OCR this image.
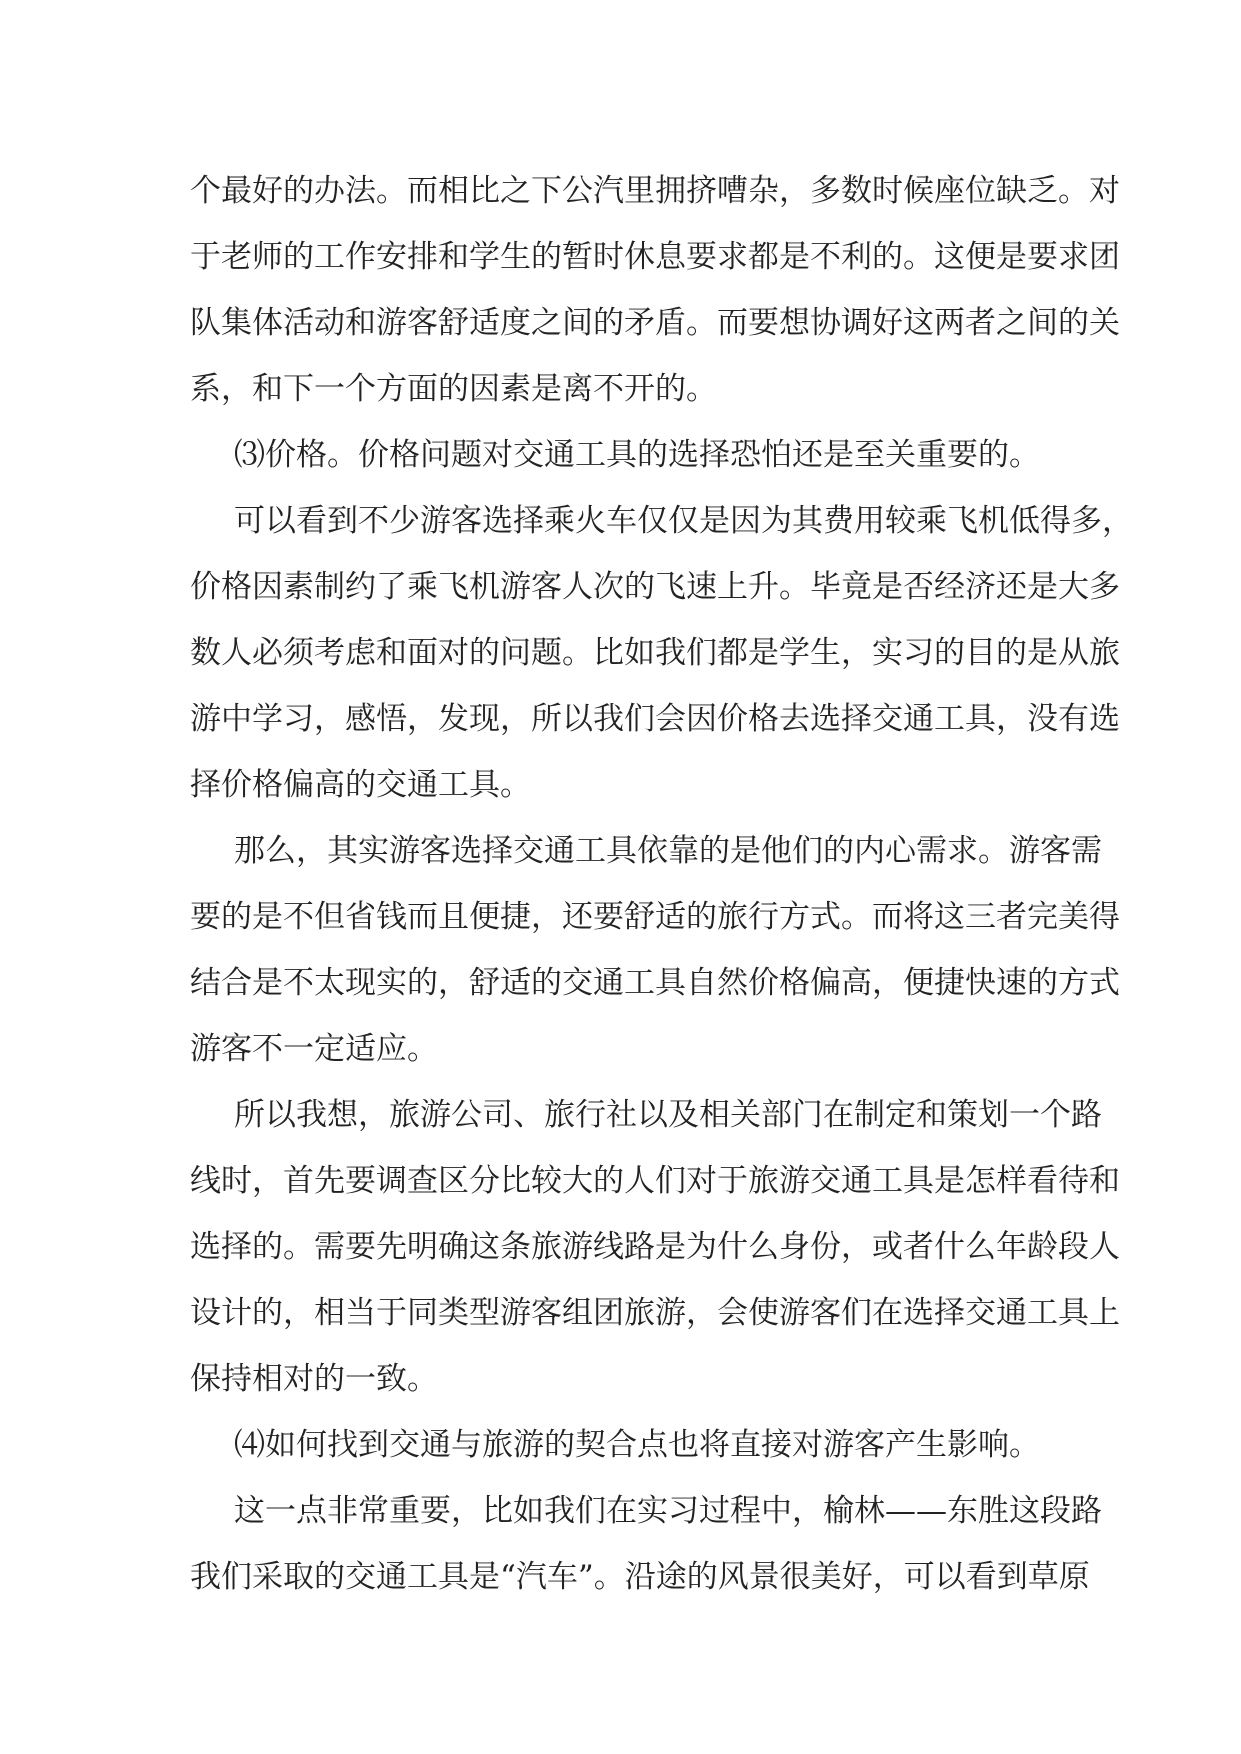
个最好的办法。而相比之下公汽里拥挤嘈杂，多数时候座位缺乏。对
于老师的工作安排和学生的暂时休息要求都是不利的。这便是要求团
队集体活动和游客舒适度之间的矛盾。而要想协调好这两者之间的关
系，和下一个方面的因素是离不开的。

⑶价格。价格问题对交通工具的选择恐怕还是至关重要的。

可以看到不少游客选择乘火车仅仅是因为其费用较乘飞机低得多，
价格因素制约了乘飞机游客人次的飞速上升。毕竟是否经济还是大多
数人必须考虑和面对的问题。比如我们都是学生，实习的目的是从旅
游中学习，感悟，发现，所以我们会因价格去选择交通工具，没有选
择价格偏高的交通工具。

那么，其实游客选择交通工具依靠的是他们的内心需求。游客需
要的是不但省钱而且便捷，还要舒适的旅行方式。而将这三者完美得
结合是不太现实的，舒适的交通工具自然价格偏高，便捷快速的方式
游客不一定适应。

所以我想，旅游公司、旅行社以及相关部门在制定和策划一个路
线时，首先要调查区分比较大的人们对于旅游交通工具是怎样看待和
选择的。需要先明确这条旅游线路是为什么身份，或者什么年龄段人
设计的，相当于同类型游客组团旅游，会使游客们在选择交通工具上
保持相对的一致。

⑷如何找到交通与旅游的契合点也将直接对游客产生影响。

这一点非常重要，比如我们在实习过程中，榆林——东胜这段路
我们采取的交通工具是“汽车”。沿途的风景很美好，可以看到草原
